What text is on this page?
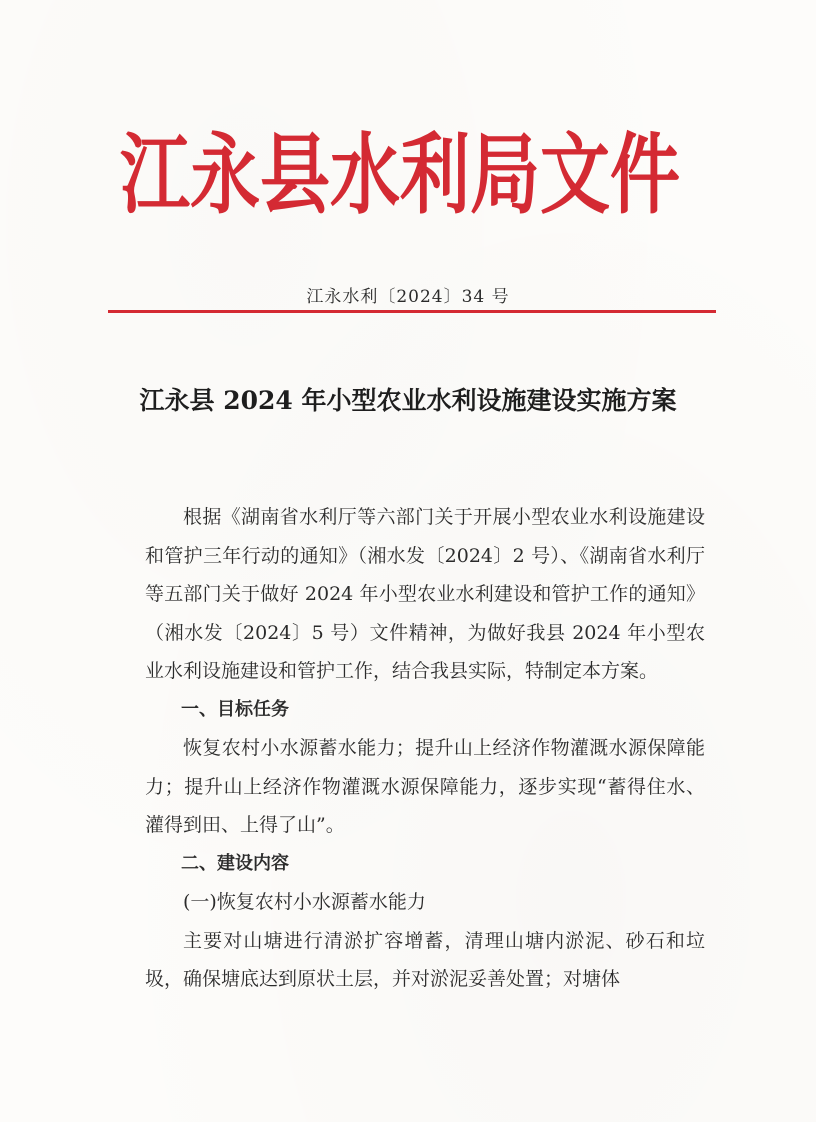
江永县水利局文件
江永水利〔2024〕34 号
江永县 2024 年小型农业水利设施建设实施方案

根据《湖南省水利厅等六部门关于开展小型农业水利设施建设和管护三年行动的通知》（湘水发〔2024〕2 号）、《湖南省水利厅等五部门关于做好 2024 年小型农业水利建设和管护工作的通知》（湘水发〔2024〕5 号）文件精神，为做好我县 2024 年小型农业水利设施建设和管护工作，结合我县实际，特制定本方案。

一、目标任务

恢复农村小水源蓄水能力；提升山上经济作物灌溉水源保障能力；提升山上经济作物灌溉水源保障能力，逐步实现“蓄得住水、灌得到田、上得了山”。

二、建设内容
(一)恢复农村小水源蓄水能力

主要对山塘进行清淤扩容增蓄，清理山塘内淤泥、砂石和垃圾，确保塘底达到原状土层，并对淤泥妥善处置；对塘体
